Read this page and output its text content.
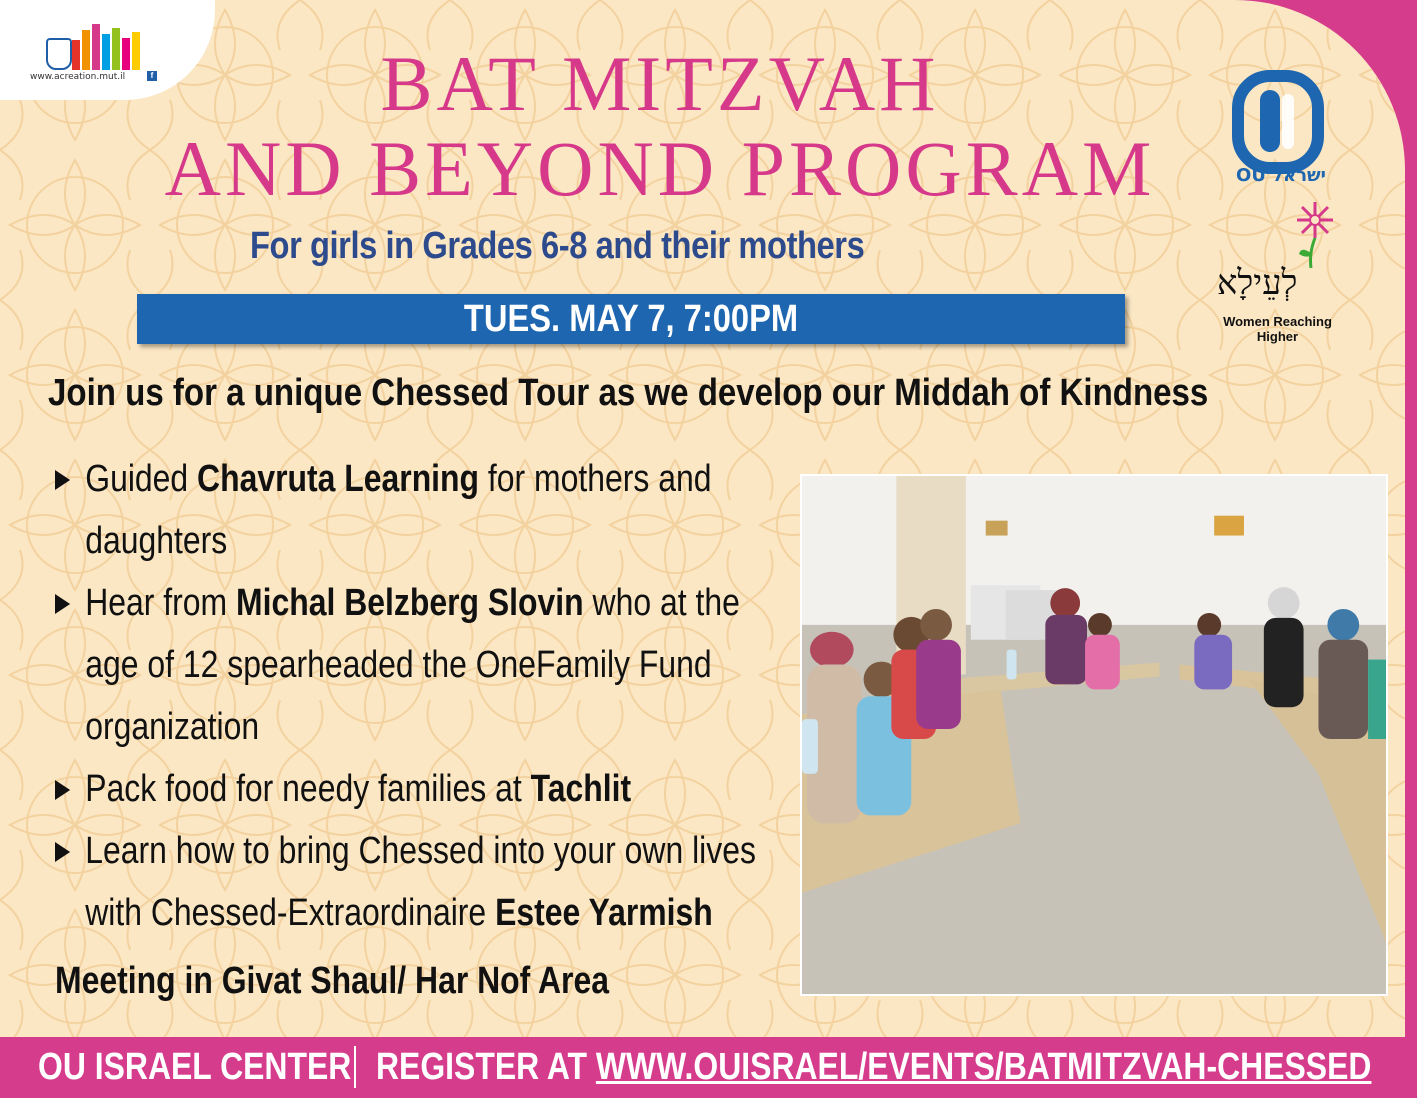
www.acreation.mut.il	f	BAT MITZVAH
AND BEYOND PROGRAM
For girls in Grades 6-8 and their mothers
TUES. MAY 7, 7:00PM
OU ישראל
לְעֵילָא
Women Reaching
Higher
Join us for a unique Chessed Tour as we develop our Middah of Kindness
Guided Chavruta Learning for mothers and daughters
Hear from Michal Belzberg Slovin who at the age of 12 spearheaded the OneFamily Fund organization
Pack food for needy families at Tachlit
Learn how to bring Chessed into your own lives with Chessed-Extraordinaire Estee Yarmish
Meeting in Givat Shaul/ Har Nof Area
OU ISRAEL CENTER REGISTER AT WWW.OUISRAEL/EVENTS/BATMITZVAH-CHESSED
